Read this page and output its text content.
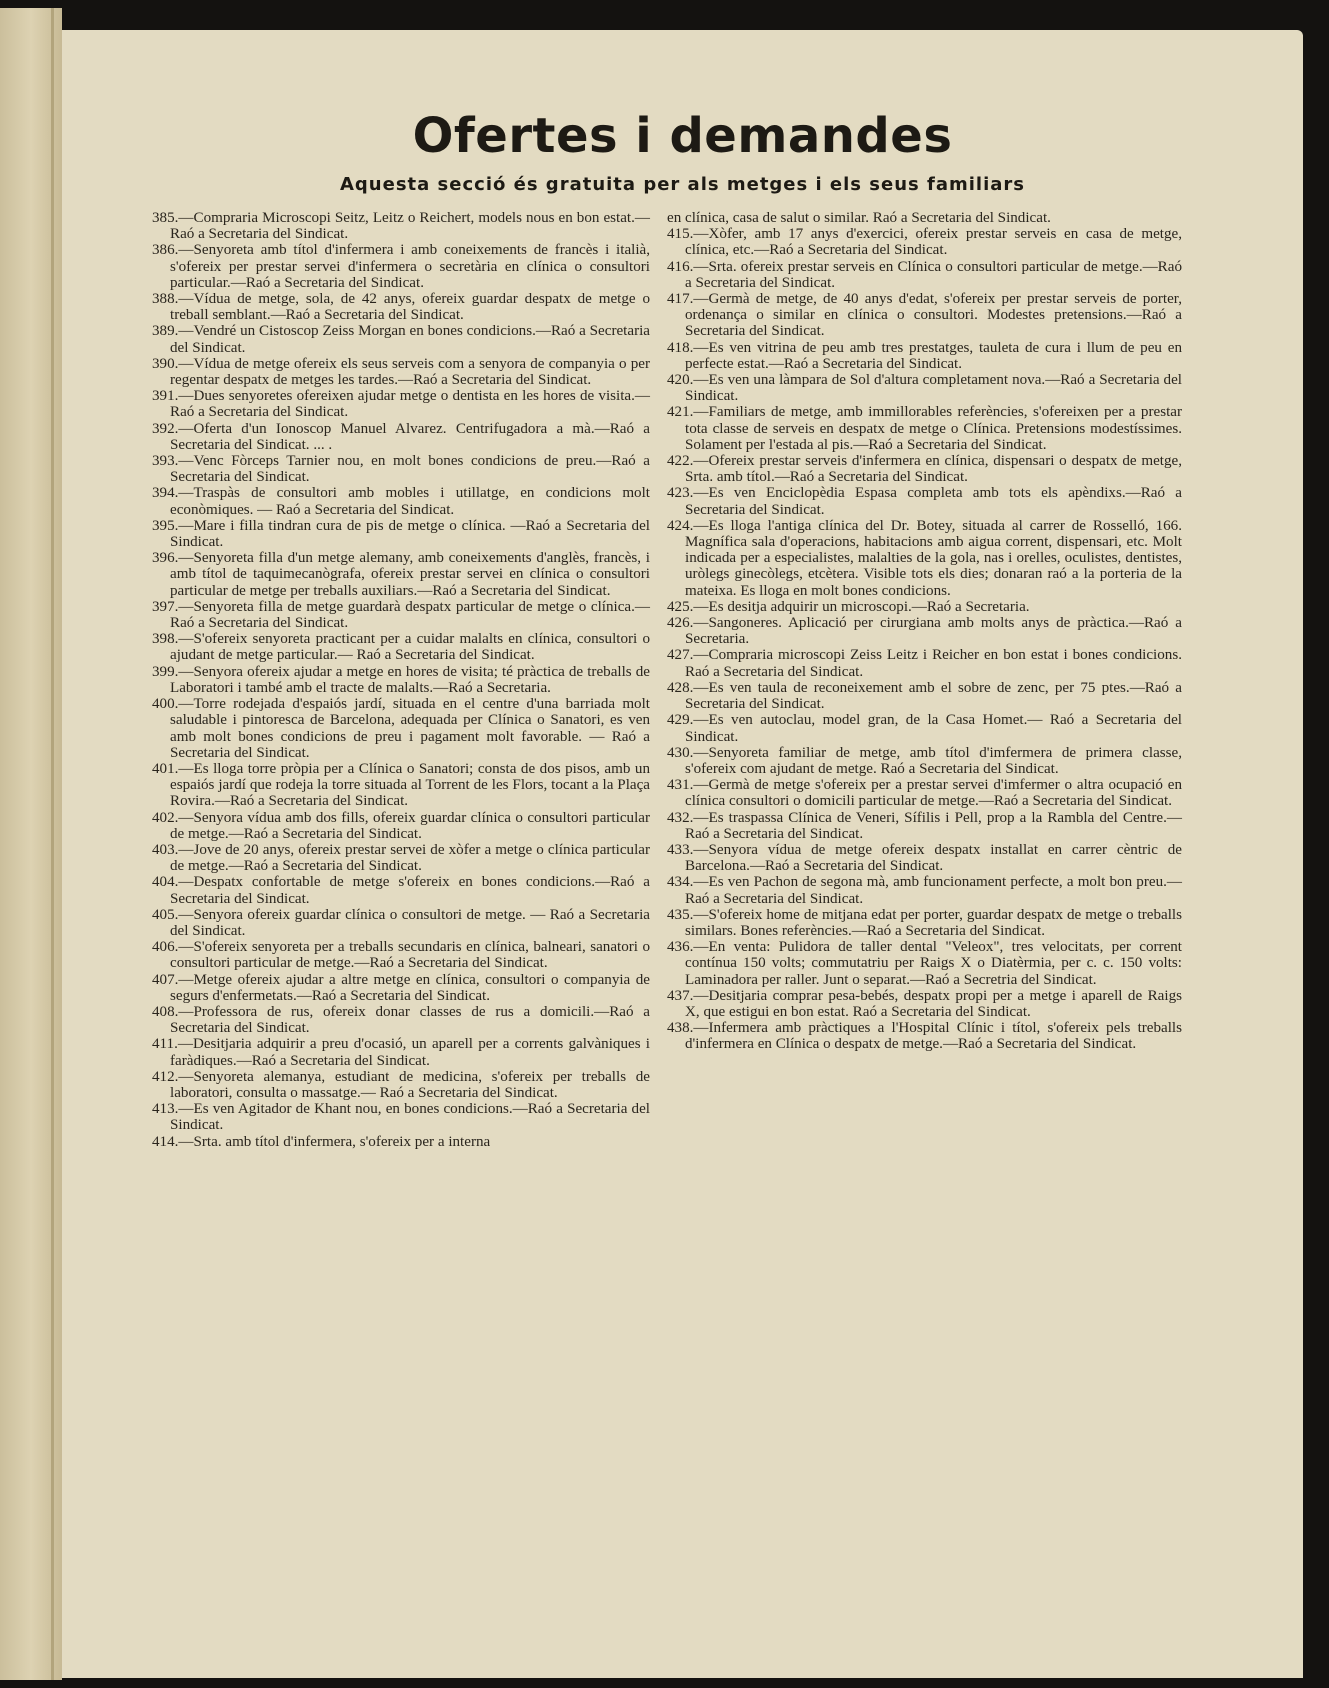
Ofertes i demandes
Aquesta secció és gratuita per als metges i els seus familiars

385.—Compraria Microscopi Seitz, Leitz o Reichert, models nous en bon estat.—Raó a Secretaria del Sindicat.

386.—Senyoreta amb títol d'infermera i amb coneixements de francès i italià, s'ofereix per prestar servei d'infermera o secretària en clínica o consultori particular.—Raó a Secretaria del Sindicat.

388.—Vídua de metge, sola, de 42 anys, ofereix guardar despatx de metge o treball semblant.—Raó a Secretaria del Sindicat.

389.—Vendré un Cistoscop Zeiss Morgan en bones condicions.—Raó a Secretaria del Sindicat.

390.—Vídua de metge ofereix els seus serveis com a senyora de companyia o per regentar despatx de metges les tardes.—Raó a Secretaria del Sindicat.

391.—Dues senyoretes ofereixen ajudar metge o dentista en les hores de visita.—Raó a Secretaria del Sindicat.

392.—Oferta d'un Ionoscop Manuel Alvarez. Centrifugadora a mà.—Raó a Secretaria del Sindicat. ... .

393.—Venc Fòrceps Tarnier nou, en molt bones condicions de preu.—Raó a Secretaria del Sindicat.

394.—Traspàs de consultori amb mobles i utillatge, en condicions molt econòmiques. — Raó a Secretaria del Sindicat.

395.—Mare i filla tindran cura de pis de metge o clínica. —Raó a Secretaria del Sindicat.

396.—Senyoreta filla d'un metge alemany, amb coneixements d'anglès, francès, i amb títol de taquimecanògrafa, ofereix prestar servei en clínica o consultori particular de metge per treballs auxiliars.—Raó a Secretaria del Sindicat.

397.—Senyoreta filla de metge guardarà despatx particular de metge o clínica.—Raó a Secretaria del Sindicat.

398.—S'ofereix senyoreta practicant per a cuidar malalts en clínica, consultori o ajudant de metge particular.— Raó a Secretaria del Sindicat.

399.—Senyora ofereix ajudar a metge en hores de visita; té pràctica de treballs de Laboratori i també amb el tracte de malalts.—Raó a Secretaria.

400.—Torre rodejada d'espaiós jardí, situada en el centre d'una barriada molt saludable i pintoresca de Barcelona, adequada per Clínica o Sanatori, es ven amb molt bones condicions de preu i pagament molt favorable. — Raó a Secretaria del Sindicat.

401.—Es lloga torre pròpia per a Clínica o Sanatori; consta de dos pisos, amb un espaiós jardí que rodeja la torre situada al Torrent de les Flors, tocant a la Plaça Rovira.—Raó a Secretaria del Sindicat.

402.—Senyora vídua amb dos fills, ofereix guardar clínica o consultori particular de metge.—Raó a Secretaria del Sindicat.

403.—Jove de 20 anys, ofereix prestar servei de xòfer a metge o clínica particular de metge.—Raó a Secretaria del Sindicat.

404.—Despatx confortable de metge s'ofereix en bones condicions.—Raó a Secretaria del Sindicat.

405.—Senyora ofereix guardar clínica o consultori de metge. — Raó a Secretaria del Sindicat.

406.—S'ofereix senyoreta per a treballs secundaris en clínica, balneari, sanatori o consultori particular de metge.—Raó a Secretaria del Sindicat.

407.—Metge ofereix ajudar a altre metge en clínica, consultori o companyia de segurs d'enfermetats.—Raó a Secretaria del Sindicat.

408.—Professora de rus, ofereix donar classes de rus a domicili.—Raó a Secretaria del Sindicat.

411.—Desitjaria adquirir a preu d'ocasió, un aparell per a corrents galvàniques i faràdiques.—Raó a Secretaria del Sindicat.

412.—Senyoreta alemanya, estudiant de medicina, s'ofereix per treballs de laboratori, consulta o massatge.— Raó a Secretaria del Sindicat.

413.—Es ven Agitador de Khant nou, en bones condicions.—Raó a Secretaria del Sindicat.

414.—Srta. amb títol d'infermera, s'ofereix per a interna

en clínica, casa de salut o similar. Raó a Secretaria del Sindicat.

415.—Xòfer, amb 17 anys d'exercici, ofereix prestar serveis en casa de metge, clínica, etc.—Raó a Secretaria del Sindicat.

416.—Srta. ofereix prestar serveis en Clínica o consultori particular de metge.—Raó a Secretaria del Sindicat.

417.—Germà de metge, de 40 anys d'edat, s'ofereix per prestar serveis de porter, ordenança o similar en clínica o consultori. Modestes pretensions.—Raó a Secretaria del Sindicat.

418.—Es ven vitrina de peu amb tres prestatges, tauleta de cura i llum de peu en perfecte estat.—Raó a Secretaria del Sindicat.

420.—Es ven una làmpara de Sol d'altura completament nova.—Raó a Secretaria del Sindicat.

421.—Familiars de metge, amb immillorables referències, s'ofereixen per a prestar tota classe de serveis en despatx de metge o Clínica. Pretensions modestíssimes. Solament per l'estada al pis.—Raó a Secretaria del Sindicat.

422.—Ofereix prestar serveis d'infermera en clínica, dispensari o despatx de metge, Srta. amb títol.—Raó a Secretaria del Sindicat.

423.—Es ven Enciclopèdia Espasa completa amb tots els apèndixs.—Raó a Secretaria del Sindicat.

424.—Es lloga l'antiga clínica del Dr. Botey, situada al carrer de Rosselló, 166. Magnífica sala d'operacions, habitacions amb aigua corrent, dispensari, etc. Molt indicada per a especialistes, malalties de la gola, nas i orelles, oculistes, dentistes, uròlegs ginecòlegs, etcètera. Visible tots els dies; donaran raó a la porteria de la mateixa. Es lloga en molt bones condicions.

425.—Es desitja adquirir un microscopi.—Raó a Secretaria.

426.—Sangoneres. Aplicació per cirurgiana amb molts anys de pràctica.—Raó a Secretaria.

427.—Compraria microscopi Zeiss Leitz i Reicher en bon estat i bones condicions. Raó a Secretaria del Sindicat.

428.—Es ven taula de reconeixement amb el sobre de zenc, per 75 ptes.—Raó a Secretaria del Sindicat.

429.—Es ven autoclau, model gran, de la Casa Homet.— Raó a Secretaria del Sindicat.

430.—Senyoreta familiar de metge, amb títol d'imfermera de primera classe, s'ofereix com ajudant de metge. Raó a Secretaria del Sindicat.

431.—Germà de metge s'ofereix per a prestar servei d'imfermer o altra ocupació en clínica consultori o domicili particular de metge.—Raó a Secretaria del Sindicat.

432.—Es traspassa Clínica de Veneri, Sífilis i Pell, prop a la Rambla del Centre.—Raó a Secretaria del Sindicat.

433.—Senyora vídua de metge ofereix despatx installat en carrer cèntric de Barcelona.—Raó a Secretaria del Sindicat.

434.—Es ven Pachon de segona mà, amb funcionament perfecte, a molt bon preu.—Raó a Secretaria del Sindicat.

435.—S'ofereix home de mitjana edat per porter, guardar despatx de metge o treballs similars. Bones referències.—Raó a Secretaria del Sindicat.

436.—En venta: Pulidora de taller dental "Veleox", tres velocitats, per corrent contínua 150 volts; commutatriu per Raigs X o Diatèrmia, per c. c. 150 volts: Laminadora per raller. Junt o separat.—Raó a Secretria del Sindicat.

437.—Desitjaria comprar pesa-bebés, despatx propi per a metge i aparell de Raigs X, que estigui en bon estat. Raó a Secretaria del Sindicat.

438.—Infermera amb pràctiques a l'Hospital Clínic i títol, s'ofereix pels treballs d'infermera en Clínica o despatx de metge.—Raó a Secretaria del Sindicat.
